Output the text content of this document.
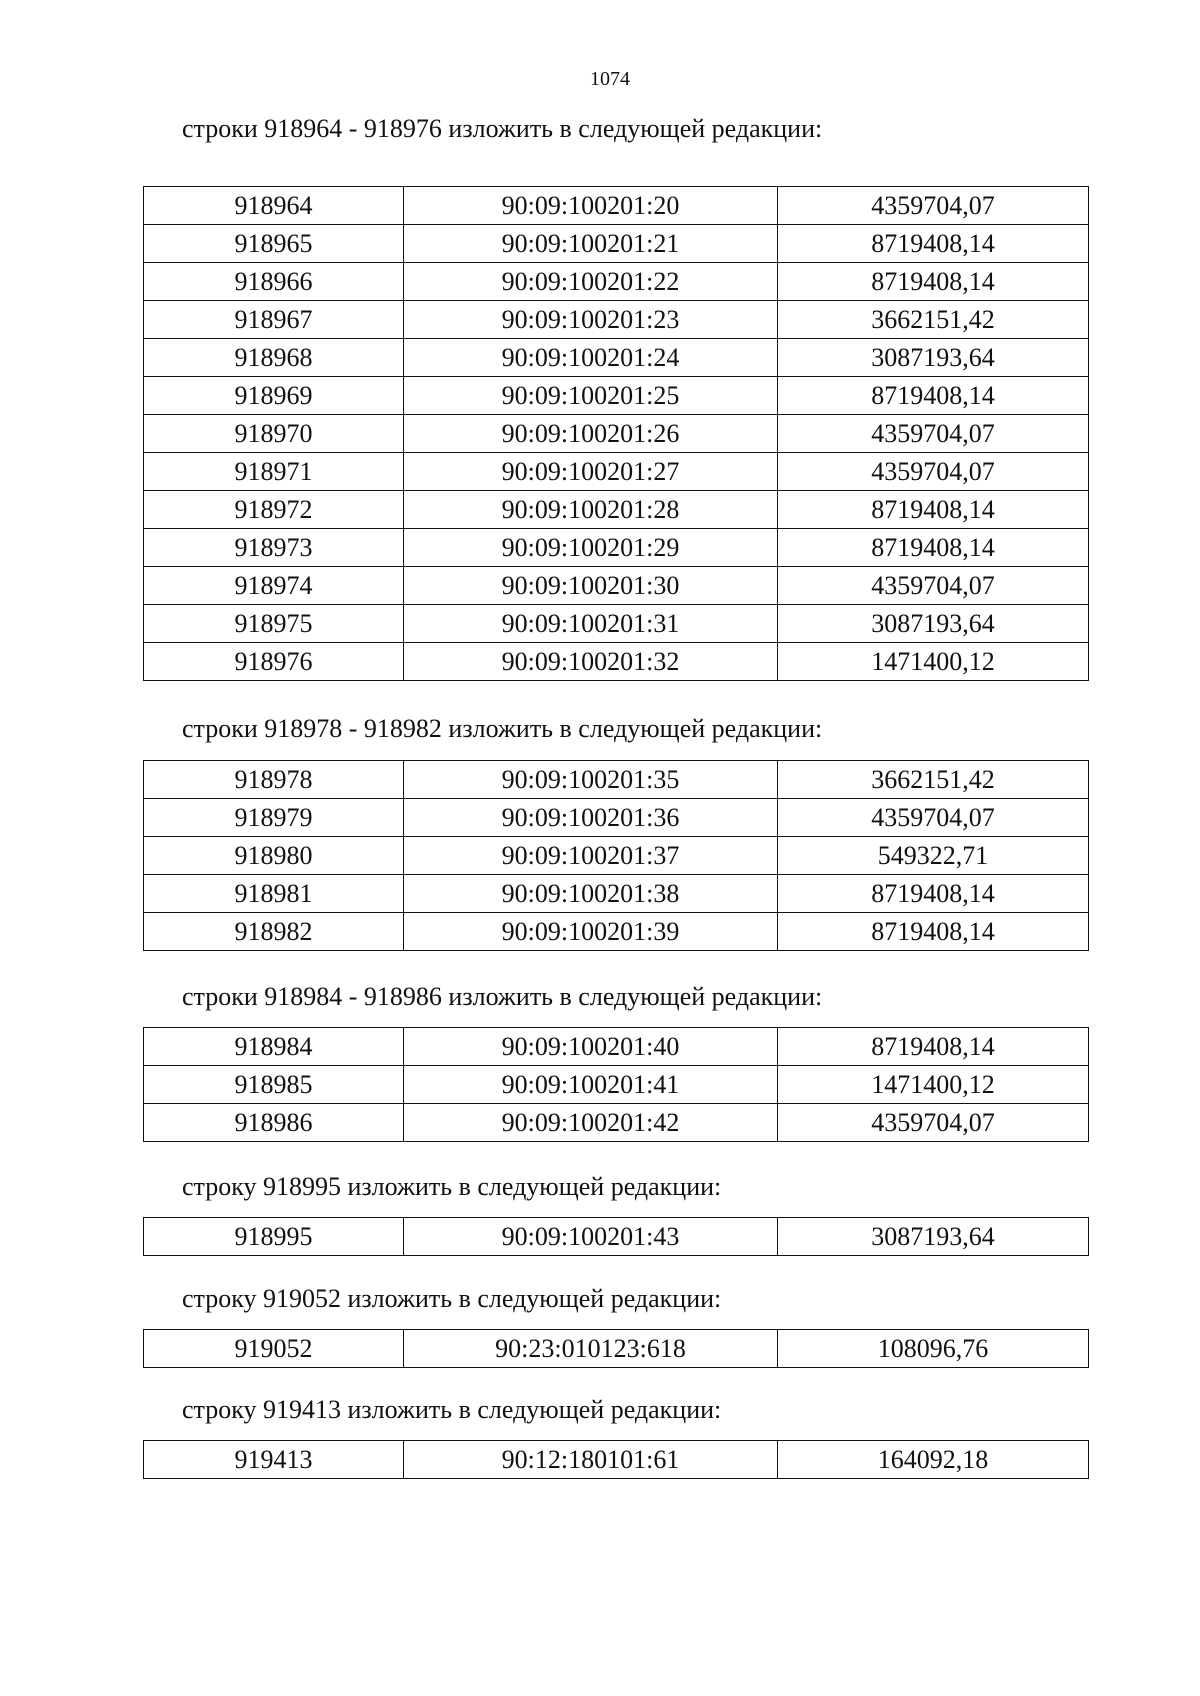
1074
строки 918964 - 918976 изложить в следующей редакции:
918964	90:09:100201:20	4359704,07
918965	90:09:100201:21	8719408,14
918966	90:09:100201:22	8719408,14
918967	90:09:100201:23	3662151,42
918968	90:09:100201:24	3087193,64
918969	90:09:100201:25	8719408,14
918970	90:09:100201:26	4359704,07
918971	90:09:100201:27	4359704,07
918972	90:09:100201:28	8719408,14
918973	90:09:100201:29	8719408,14
918974	90:09:100201:30	4359704,07
918975	90:09:100201:31	3087193,64
918976	90:09:100201:32	1471400,12
строки 918978 - 918982 изложить в следующей редакции:
918978	90:09:100201:35	3662151,42
918979	90:09:100201:36	4359704,07
918980	90:09:100201:37	549322,71
918981	90:09:100201:38	8719408,14
918982	90:09:100201:39	8719408,14
строки 918984 - 918986 изложить в следующей редакции:
918984	90:09:100201:40	8719408,14
918985	90:09:100201:41	1471400,12
918986	90:09:100201:42	4359704,07
строку 918995 изложить в следующей редакции:
918995	90:09:100201:43	3087193,64
строку 919052 изложить в следующей редакции:
919052	90:23:010123:618	108096,76
строку 919413 изложить в следующей редакции:
919413	90:12:180101:61	164092,18
